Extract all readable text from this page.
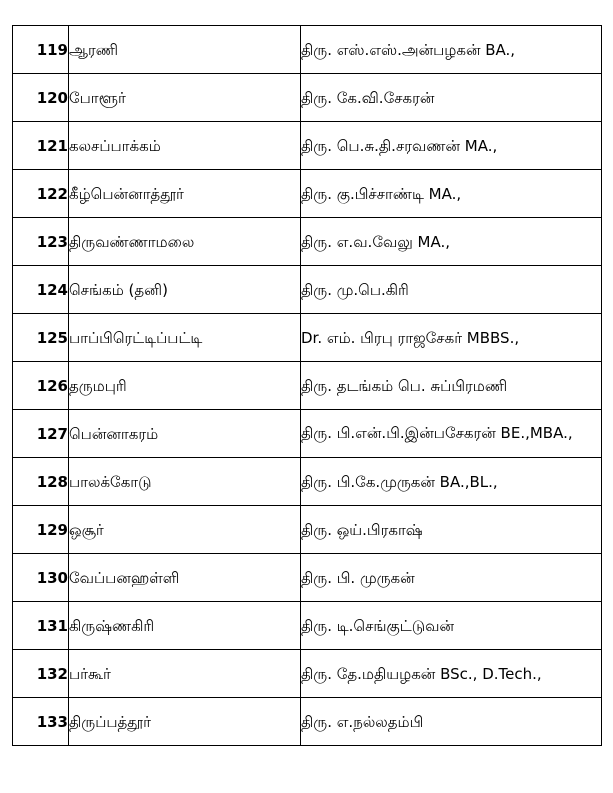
119	ஆரணி	திரு. எஸ்.எஸ்.அன்பழகன் BA.,
120	போளூர்	திரு. கே.வி.சேகரன்
121	கலசப்பாக்கம்	திரு. பெ.சு.தி.சரவணன் MA.,
122	கீழ்பென்னாத்தூர்	திரு. கு.பிச்சாண்டி MA.,
123	திருவண்ணாமலை	திரு. எ.வ.வேலு MA.,
124	செங்கம் (தனி)	திரு. மு.பெ.கிரி
125	பாப்பிரெட்டிப்பட்டி	Dr. எம். பிரபு ராஜசேகர் MBBS.,
126	தருமபுரி	திரு. தடங்கம் பெ. சுப்பிரமணி
127	பென்னாகரம்	திரு. பி.என்.பி.இன்பசேகரன் BE.,MBA.,
128	பாலக்கோடு	திரு. பி.கே.முருகன் BA.,BL.,
129	ஒசூர்	திரு. ஒய்.பிரகாஷ்
130	வேப்பனஹள்ளி	திரு. பி. முருகன்
131	கிருஷ்ணகிரி	திரு. டி.செங்குட்டுவன்
132	பர்கூர்	திரு. தே.மதியழகன் BSc., D.Tech.,
133	திருப்பத்தூர்	திரு. எ.நல்லதம்பி
